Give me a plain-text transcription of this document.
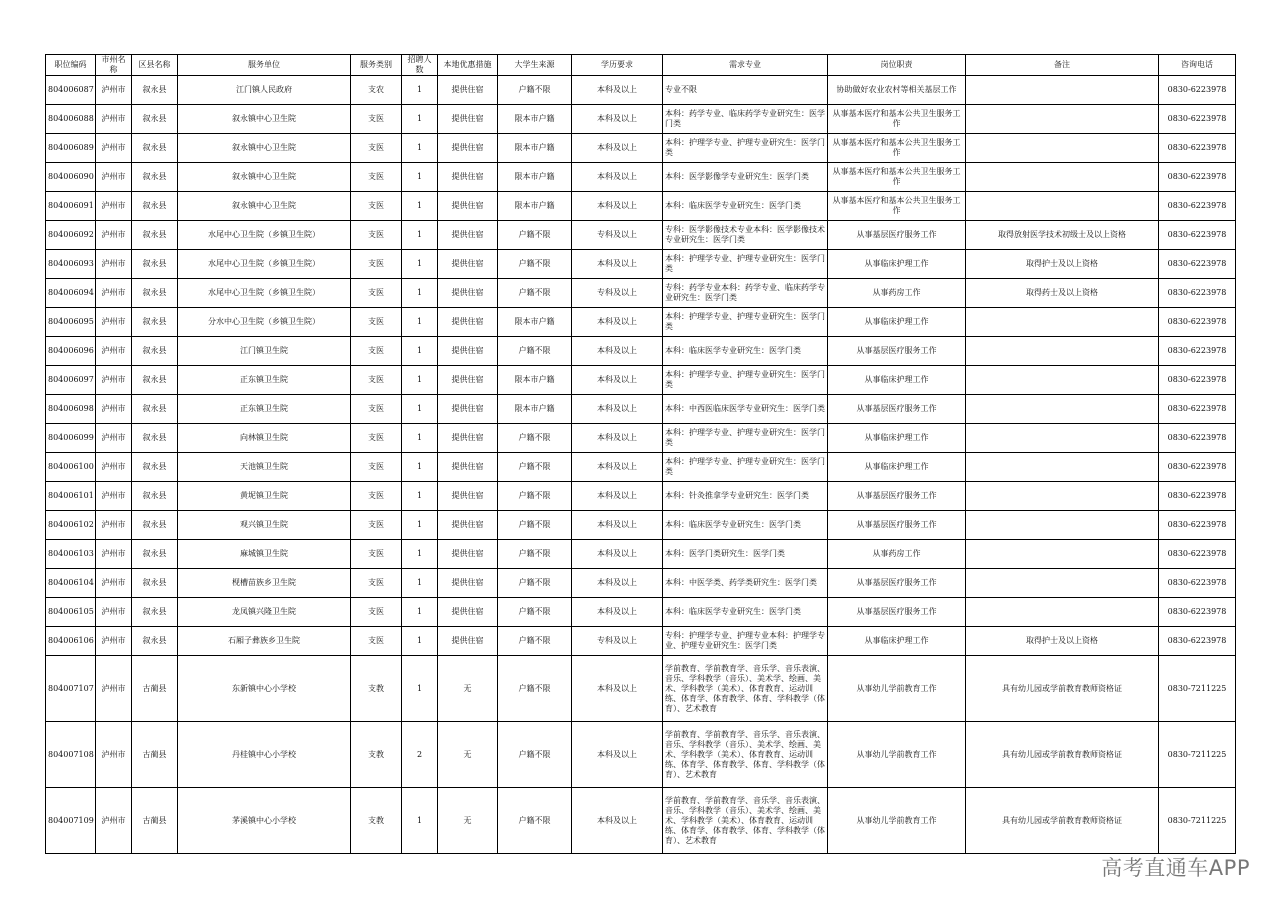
职位编码	市州名称	区县名称	服务单位	服务类别	招聘人数	本地优惠措施	大学生来源	学历要求	需求专业	岗位职责	备注	咨询电话
804006087	泸州市	叙永县	江门镇人民政府	支农	1	提供住宿	户籍不限	本科及以上	专业不限	协助做好农业农村等相关基层工作		0830-6223978
804006088	泸州市	叙永县	叙永镇中心卫生院	支医	1	提供住宿	限本市户籍	本科及以上	本科：药学专业、临床药学专业研究生：医学门类	从事基本医疗和基本公共卫生服务工作		0830-6223978
804006089	泸州市	叙永县	叙永镇中心卫生院	支医	1	提供住宿	限本市户籍	本科及以上	本科：护理学专业、护理专业研究生：医学门类	从事基本医疗和基本公共卫生服务工作		0830-6223978
804006090	泸州市	叙永县	叙永镇中心卫生院	支医	1	提供住宿	限本市户籍	本科及以上	本科：医学影像学专业研究生：医学门类	从事基本医疗和基本公共卫生服务工作		0830-6223978
804006091	泸州市	叙永县	叙永镇中心卫生院	支医	1	提供住宿	限本市户籍	本科及以上	本科：临床医学专业研究生：医学门类	从事基本医疗和基本公共卫生服务工作		0830-6223978
804006092	泸州市	叙永县	水尾中心卫生院（乡镇卫生院）	支医	1	提供住宿	户籍不限	专科及以上	专科：医学影像技术专业本科：医学影像技术专业研究生：医学门类	从事基层医疗服务工作	取得放射医学技术初级士及以上资格	0830-6223978
804006093	泸州市	叙永县	水尾中心卫生院（乡镇卫生院）	支医	1	提供住宿	户籍不限	本科及以上	本科：护理学专业、护理专业研究生：医学门类	从事临床护理工作	取得护士及以上资格	0830-6223978
804006094	泸州市	叙永县	水尾中心卫生院（乡镇卫生院）	支医	1	提供住宿	户籍不限	专科及以上	专科：药学专业本科：药学专业、临床药学专业研究生：医学门类	从事药房工作	取得药士及以上资格	0830-6223978
804006095	泸州市	叙永县	分水中心卫生院（乡镇卫生院）	支医	1	提供住宿	限本市户籍	本科及以上	本科：护理学专业、护理专业研究生：医学门类	从事临床护理工作		0830-6223978
804006096	泸州市	叙永县	江门镇卫生院	支医	1	提供住宿	户籍不限	本科及以上	本科：临床医学专业研究生：医学门类	从事基层医疗服务工作		0830-6223978
804006097	泸州市	叙永县	正东镇卫生院	支医	1	提供住宿	限本市户籍	本科及以上	本科：护理学专业、护理专业研究生：医学门类	从事临床护理工作		0830-6223978
804006098	泸州市	叙永县	正东镇卫生院	支医	1	提供住宿	限本市户籍	本科及以上	本科：中西医临床医学专业研究生：医学门类	从事基层医疗服务工作		0830-6223978
804006099	泸州市	叙永县	向林镇卫生院	支医	1	提供住宿	户籍不限	本科及以上	本科：护理学专业、护理专业研究生：医学门类	从事临床护理工作		0830-6223978
804006100	泸州市	叙永县	天池镇卫生院	支医	1	提供住宿	户籍不限	本科及以上	本科：护理学专业、护理专业研究生：医学门类	从事临床护理工作		0830-6223978
804006101	泸州市	叙永县	黄坭镇卫生院	支医	1	提供住宿	户籍不限	本科及以上	本科：针灸推拿学专业研究生：医学门类	从事基层医疗服务工作		0830-6223978
804006102	泸州市	叙永县	观兴镇卫生院	支医	1	提供住宿	户籍不限	本科及以上	本科：临床医学专业研究生：医学门类	从事基层医疗服务工作		0830-6223978
804006103	泸州市	叙永县	麻城镇卫生院	支医	1	提供住宿	户籍不限	本科及以上	本科：医学门类研究生：医学门类	从事药房工作		0830-6223978
804006104	泸州市	叙永县	枧槽苗族乡卫生院	支医	1	提供住宿	户籍不限	本科及以上	本科：中医学类、药学类研究生：医学门类	从事基层医疗服务工作		0830-6223978
804006105	泸州市	叙永县	龙凤镇兴隆卫生院	支医	1	提供住宿	户籍不限	本科及以上	本科：临床医学专业研究生：医学门类	从事基层医疗服务工作		0830-6223978
804006106	泸州市	叙永县	石厢子彝族乡卫生院	支医	1	提供住宿	户籍不限	专科及以上	专科：护理学专业、护理专业本科：护理学专业、护理专业研究生：医学门类	从事临床护理工作	取得护士及以上资格	0830-6223978
804007107	泸州市	古蔺县	东新镇中心小学校	支教	1	无	户籍不限	本科及以上	学前教育、学前教育学、音乐学、音乐表演、音乐、学科教学（音乐）、美术学、绘画、美术、学科教学（美术）、体育教育、运动训练、体育学、体育教学、体育、学科教学（体育）、艺术教育	从事幼儿学前教育工作	具有幼儿园或学前教育教师资格证	0830-7211225
804007108	泸州市	古蔺县	丹桂镇中心小学校	支教	2	无	户籍不限	本科及以上	学前教育、学前教育学、音乐学、音乐表演、音乐、学科教学（音乐）、美术学、绘画、美术、学科教学（美术）、体育教育、运动训练、体育学、体育教学、体育、学科教学（体育）、艺术教育	从事幼儿学前教育工作	具有幼儿园或学前教育教师资格证	0830-7211225
804007109	泸州市	古蔺县	茅溪镇中心小学校	支教	1	无	户籍不限	本科及以上	学前教育、学前教育学、音乐学、音乐表演、音乐、学科教学（音乐）、美术学、绘画、美术、学科教学（美术）、体育教育、运动训练、体育学、体育教学、体育、学科教学（体育）、艺术教育	从事幼儿学前教育工作	具有幼儿园或学前教育教师资格证	0830-7211225
高考直通车APP
